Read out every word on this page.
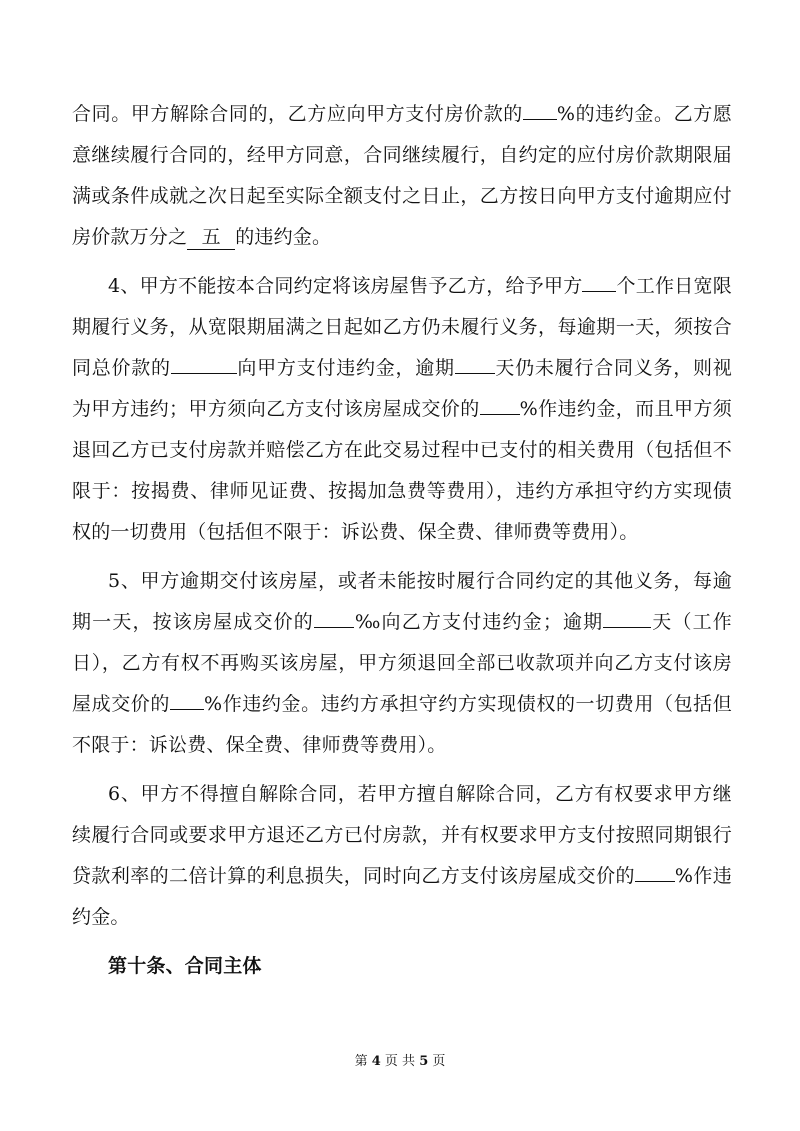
合同。甲方解除合同的，乙方应向甲方支付房价款的 %的违约金。乙方愿意继续履行合同的，经甲方同意，合同继续履行，自约定的应付房价款期限届满或条件成就之次日起至实际全额支付之日止，乙方按日向甲方支付逾期应付房价款万分之 五 的违约金。

4、甲方不能按本合同约定将该房屋售予乙方，给予甲方 个工作日宽限期履行义务，从宽限期届满之日起如乙方仍未履行义务，每逾期一天，须按合同总价款的	向甲方支付违约金，逾期 天仍未履行合同义务，则视为甲方违约；甲方须向乙方支付该房屋成交价的 %作违约金，而且甲方须退回乙方已支付房款并赔偿乙方在此交易过程中已支付的相关费用（包括但不限于：按揭费、律师见证费、按揭加急费等费用），违约方承担守约方实现债权的一切费用（包括但不限于：诉讼费、保全费、律师费等费用）。

5、甲方逾期交付该房屋，或者未能按时履行合同约定的其他义务，每逾期一天，按该房屋成交价的 ‰向乙方支付违约金；逾期	天（工作日），乙方有权不再购买该房屋，甲方须退回全部已收款项并向乙方支付该房屋成交价的 %作违约金。违约方承担守约方实现债权的一切费用（包括但不限于：诉讼费、保全费、律师费等费用）。

6、甲方不得擅自解除合同，若甲方擅自解除合同，乙方有权要求甲方继续履行合同或要求甲方退还乙方已付房款，并有权要求甲方支付按照同期银行贷款利率的二倍计算的利息损失，同时向乙方支付该房屋成交价的 %作违约金。

第十条、合同主体

第 4 页 共 5 页
